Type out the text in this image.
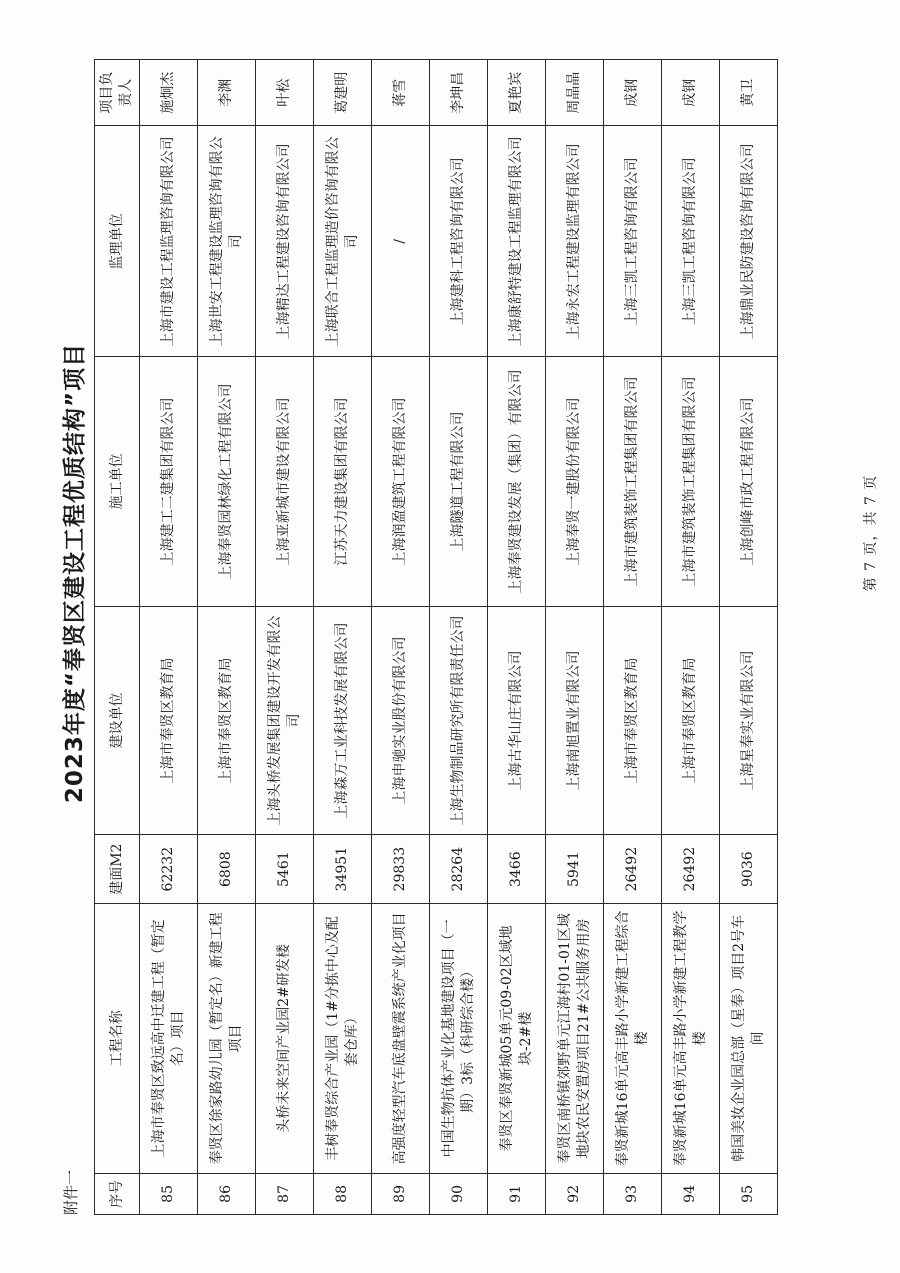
附件一
2023年度“奉贤区建设工程优质结构”项目
序号	工程名称	建面M2	建设单位	施工单位	监理单位	项目负责人
85	上海市奉贤区致远高中迁建工程（暂定名）项目	62232	上海市奉贤区教育局	上海建工二建集团有限公司	上海市建设工程监理咨询有限公司	施炯杰
86	奉贤区徐家路幼儿园（暂定名）新建工程项目	6808	上海市奉贤区教育局	上海奉贤园林绿化工程有限公司	上海世安工程建设监理咨询有限公司	李渊
87	头桥未来空间产业园2#研发楼	5461	上海头桥发展集团建设开发有限公司	上海亚新城市建设有限公司	上海精达工程建设咨询有限公司	叶松
88	丰树奉贤综合产业园（1#分拣中心及配套仓库）	34951	上海森万工业科技发展有限公司	江苏天力建设集团有限公司	上海联合工程监理造价咨询有限公司	葛建明
89	高强度轻型汽车底盘壁震系统产业化项目	29833	上海申驰实业股份有限公司	上海润盈建筑工程有限公司	/	蒋雪
90	中国生物抗体产业化基地建设项目（一期）3标（科研综合楼）	28264	上海生物制品研究所有限责任公司	上海隧道工程有限公司	上海建科工程咨询有限公司	李坤昌
91	奉贤区奉贤新城05单元09-02区域地块-2#楼	3466	上海古华山庄有限公司	上海奉贤建设发展（集团）有限公司	上海康舒特建设工程监理有限公司	夏艳宾
92	奉贤区南桥镇郊野单元江海村01-01区域地块农民安置房项目21#公共服务用房	5941	上海南旭置业有限公司	上海奉贤一建股份有限公司	上海永宏工程建设监理有限公司	周晶晶
93	奉贤新城16单元高丰路小学新建工程综合楼	26492	上海市奉贤区教育局	上海市建筑装饰工程集团有限公司	上海三凯工程咨询有限公司	成钢
94	奉贤新城16单元高丰路小学新建工程教学楼	26492	上海市奉贤区教育局	上海市建筑装饰工程集团有限公司	上海三凯工程咨询有限公司	成钢
95	韩国美妆企业园总部（星奉）项目2号车间	9036	上海星奉实业有限公司	上海创峰市政工程有限公司	上海鼎业民防建设咨询有限公司	黄卫
第 7 页，共 7 页
